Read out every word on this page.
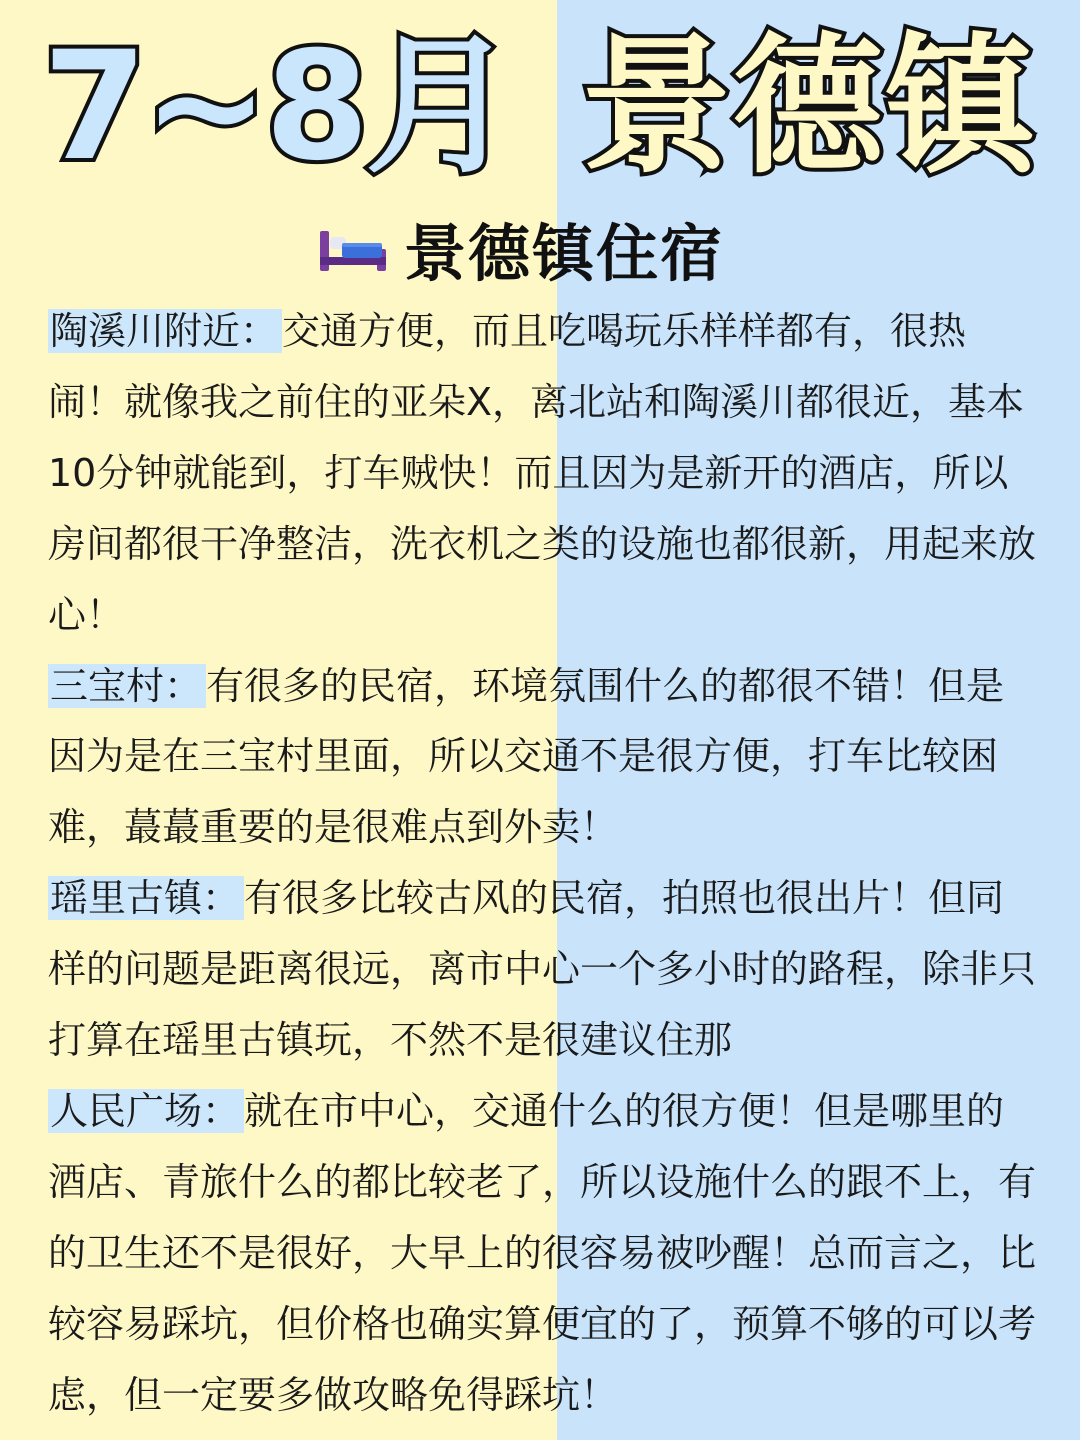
7~8月 景德镇
景德镇住宿

陶溪川附近： 交通方便，而且吃喝玩乐样样都有，很热闹！就像我之前住的亚朵X，离北站和陶溪川都很近，基本10分钟就能到，打车贼快！而且因为是新开的酒店，所以房间都很干净整洁，洗衣机之类的设施也都很新，用起来放心！

三宝村： 有很多的民宿，环境氛围什么的都很不错！但是因为是在三宝村里面，所以交通不是很方便，打车比较困难，蕞蕞重要的是很难点到外卖！

瑶里古镇： 有很多比较古风的民宿，拍照也很出片！但同样的问题是距离很远，离市中心一个多小时的路程，除非只打算在瑶里古镇玩，不然不是很建议住那

人民广场： 就在市中心，交通什么的很方便！但是哪里的酒店、青旅什么的都比较老了，所以设施什么的跟不上，有的卫生还不是很好，大早上的很容易被吵醒！总而言之，比较容易踩坑，但价格也确实算便宜的了，预算不够的可以考虑，但一定要多做攻略免得踩坑！
